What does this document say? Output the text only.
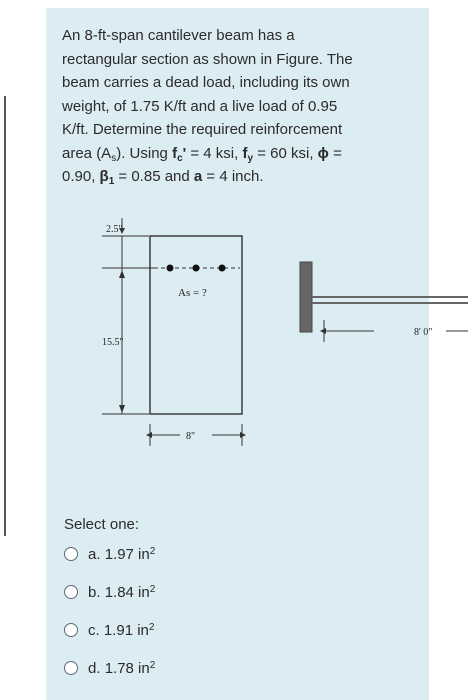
An 8-ft-span cantilever beam has a
rectangular section as shown in Figure. The
beam carries a dead load, including its own
weight, of 1.75 K/ft and a live load of 0.95
K/ft. Determine the required reinforcement
area $(A_s)$. Using $f_c' = 4$ ksi, $f_y = 60$ ksi, ϕ =
0.90, $\beta_1 = 0.85$ and a = 4 inch.
2.5"
15.5"
As = ?
8"
8' 0"
Select one:
a. 1.97 $in^2$
b. 1.84 $in^2$
c. 1.91 $in^2$
d. 1.78 $in^2$
